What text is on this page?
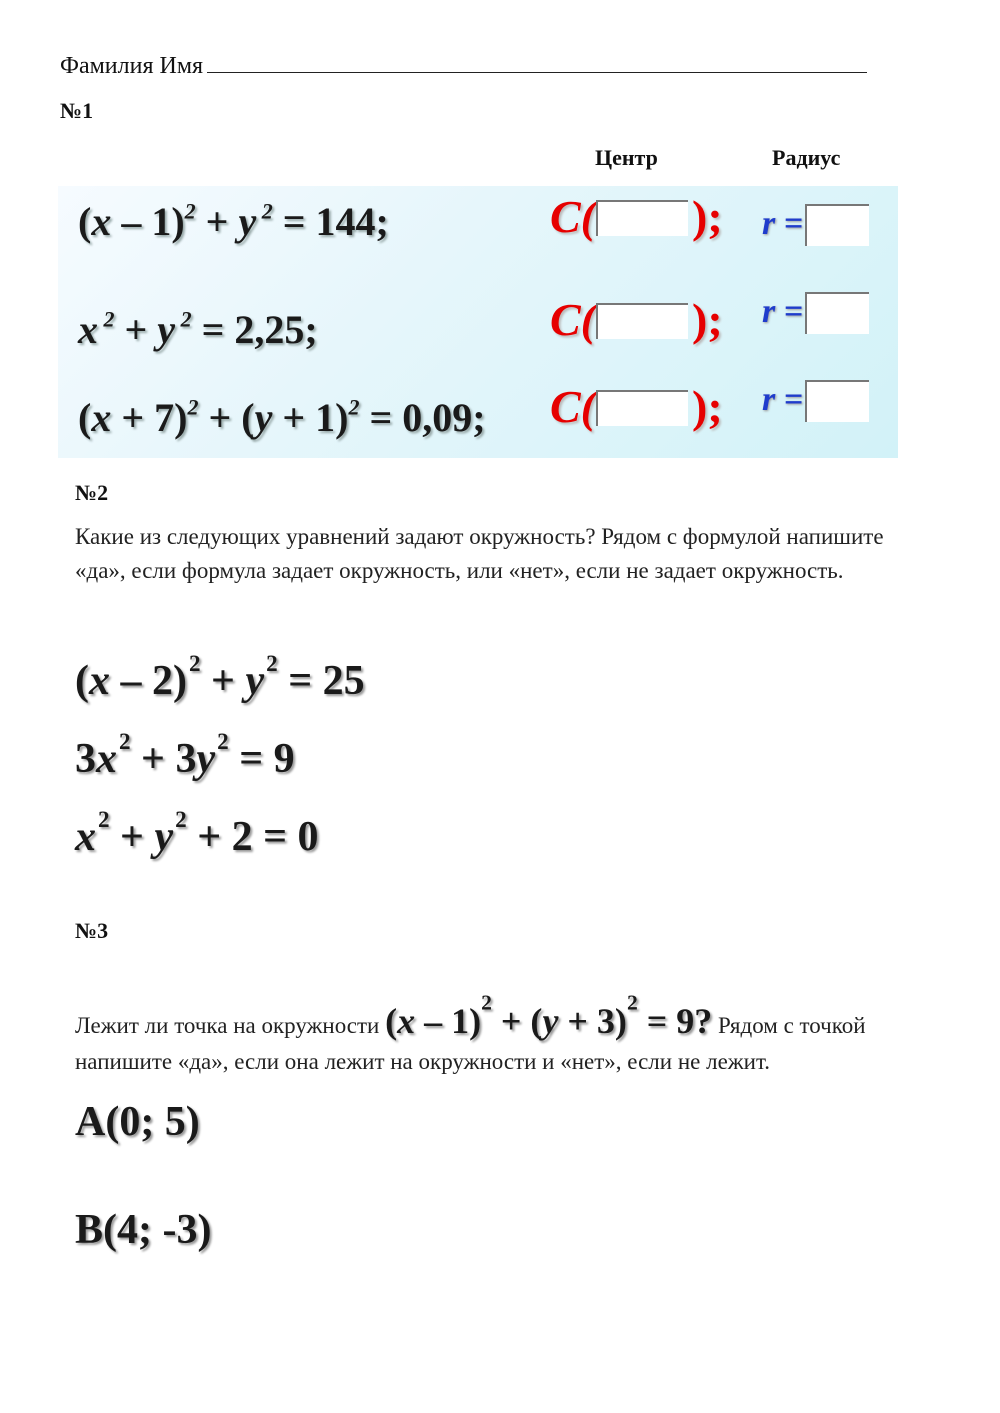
Фамилия Имя
№1
Центр	Радиус
(x – 1)$^2$ + y $^2$ = 144;	C( ); r =
x $^2$ + y $^2$ = 2,25;	C( ); r =
$(x + 7)^2 + (y + 1)^2 = 0,09$; C( ); r =
№2
Какие из следующих уравнений задают окружность? Рядом с формулой напишите «да», если формула задает окружность, или «нет», если не задает окружность.
$(x - 2)^2 + y^2 = 25$
$3x^2 + 3y^2 = 9$
$x^2 + y^2 + 2 = 0$
№3
Лежит ли точка на окружности $(x - 1)^2 + (y + 3)^2 = 9$? Рядом с точкой напишите «да», если она лежит на окружности и «нет», если не лежит.
A(0; 5)
B(4; -3)
